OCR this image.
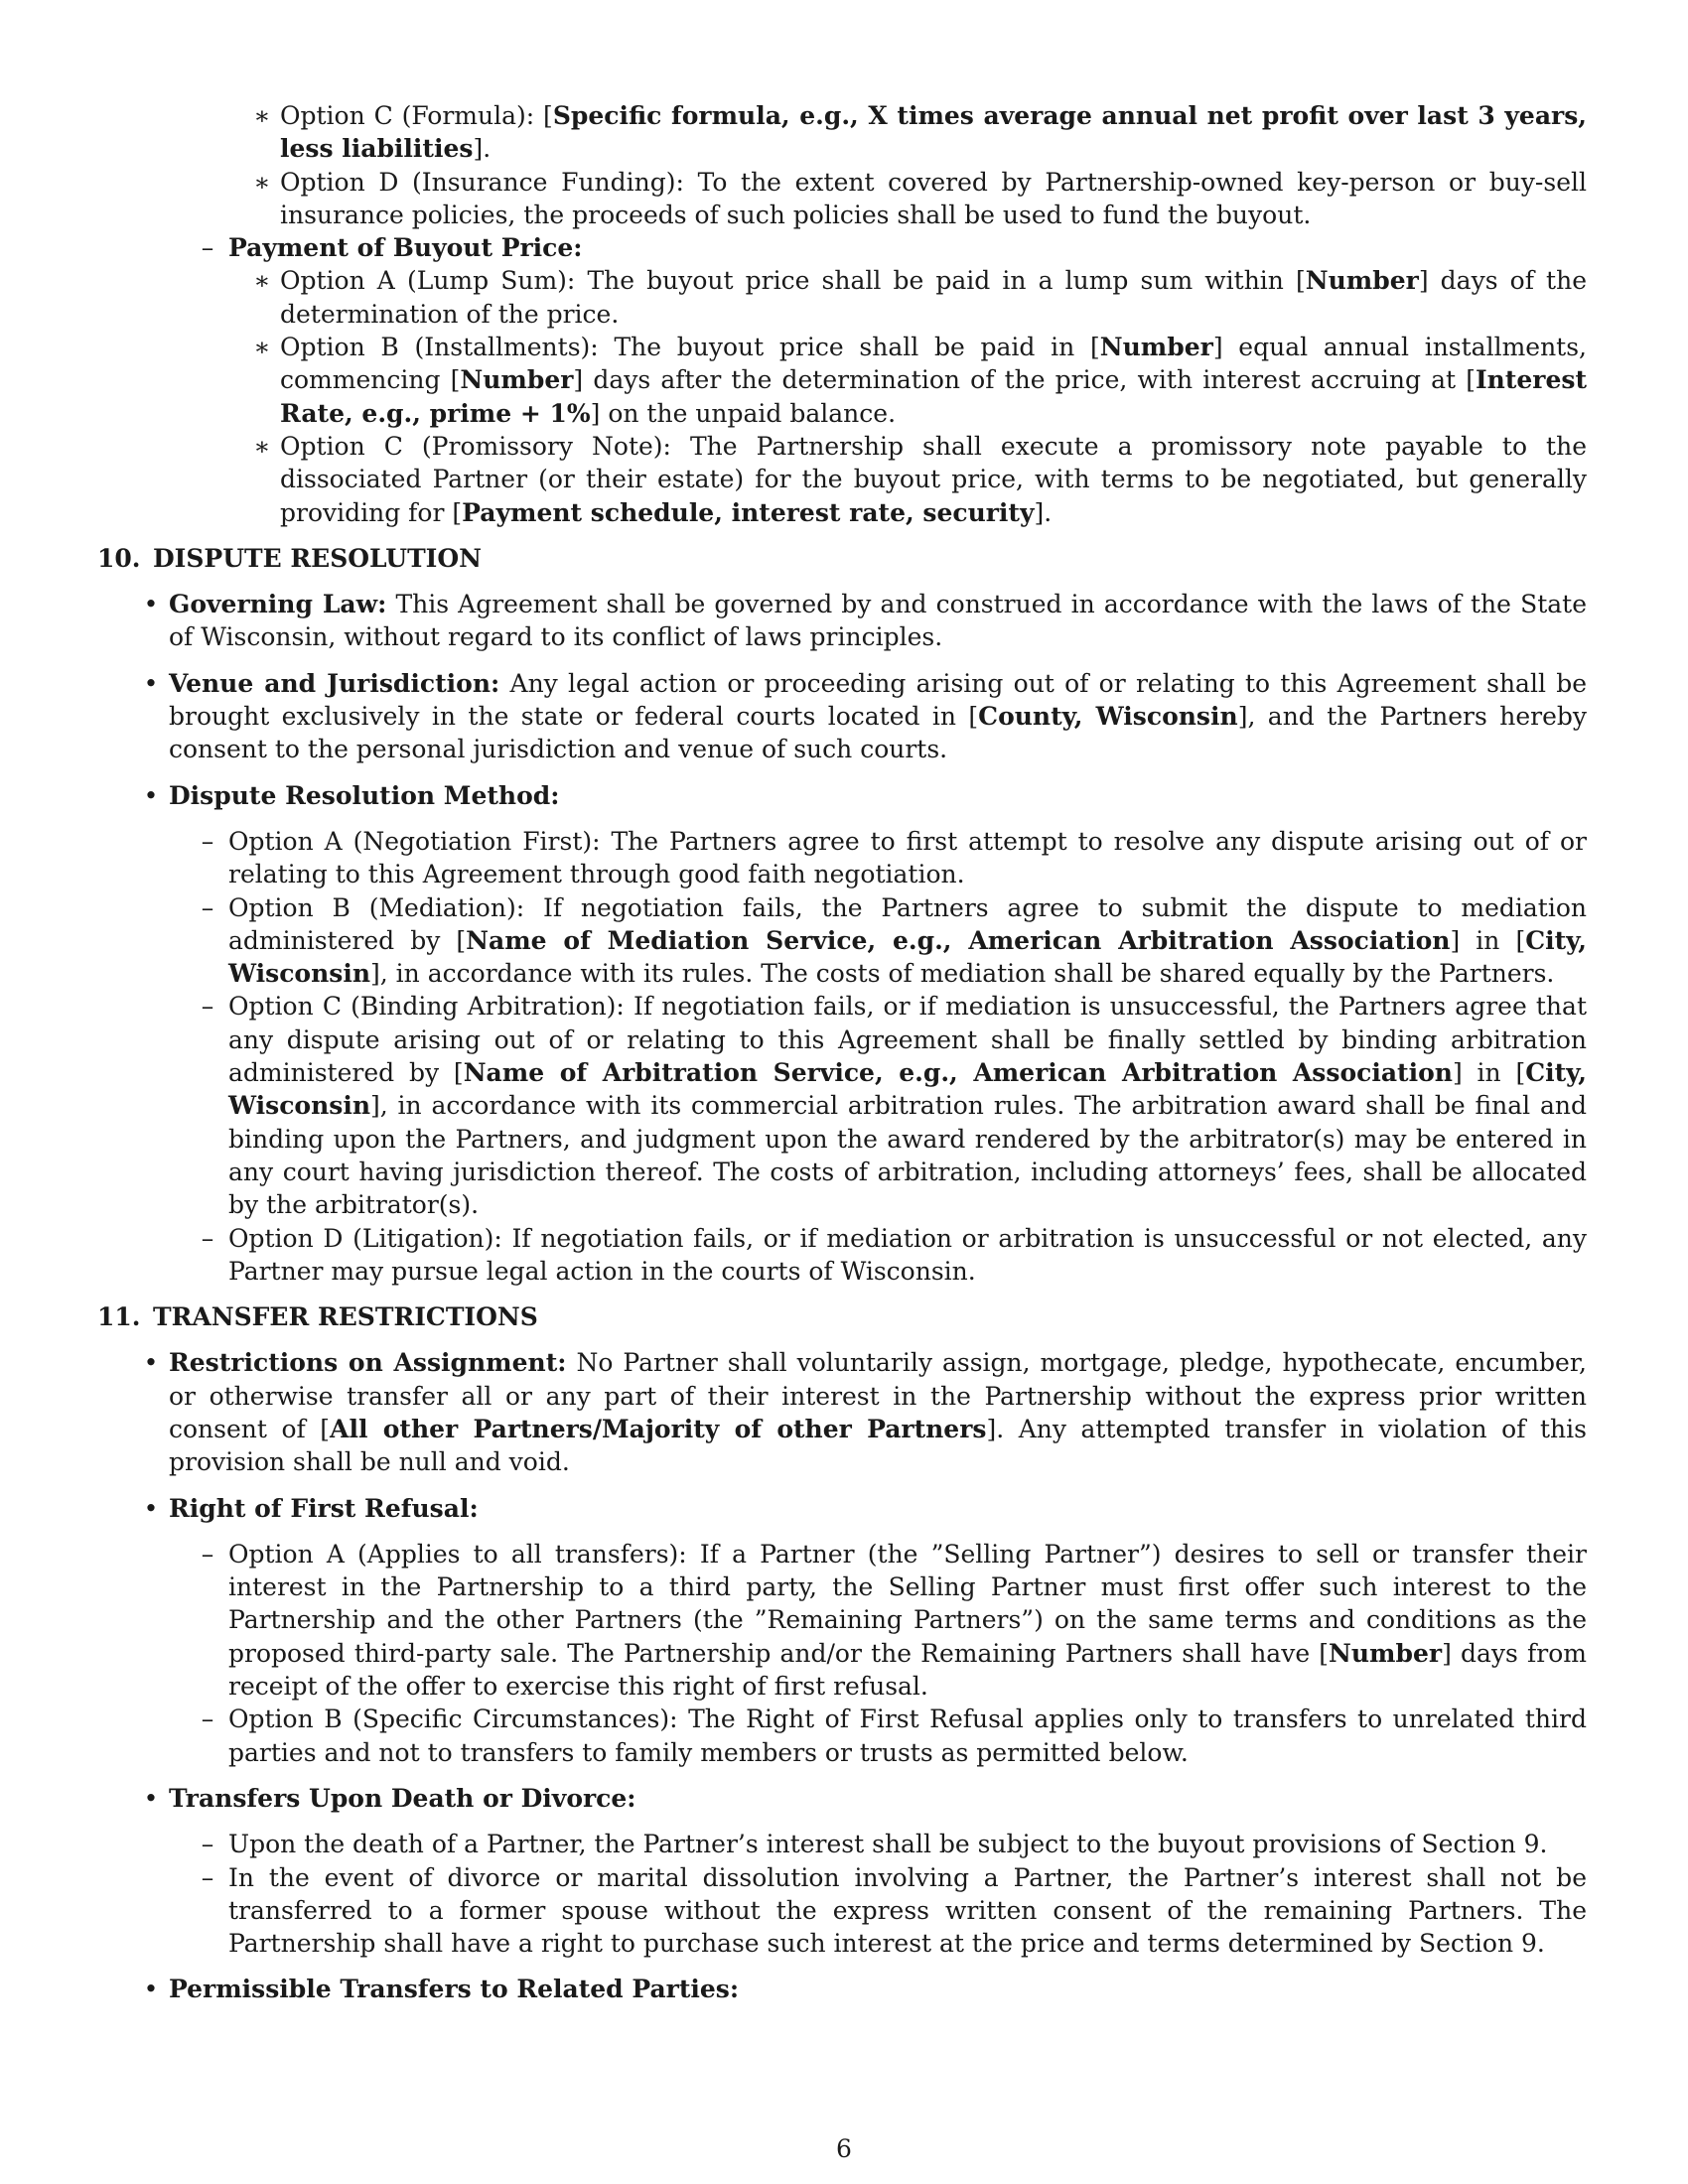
∗ Option C (Formula): [Specific formula, e.g., X times average annual net profit over last 3 years, less liabilities].
∗ Option D (Insurance Funding): To the extent covered by Partnership-owned key-person or buy-sell insurance policies, the proceeds of such policies shall be used to fund the buyout.
– Payment of Buyout Price:
∗ Option A (Lump Sum): The buyout price shall be paid in a lump sum within [Number] days of the determination of the price.
∗ Option B (Installments): The buyout price shall be paid in [Number] equal annual installments, commencing [Number] days after the determination of the price, with interest accruing at [Interest Rate, e.g., prime + 1%] on the unpaid balance.
∗ Option C (Promissory Note): The Partnership shall execute a promissory note payable to the dissociated Partner (or their estate) for the buyout price, with terms to be negotiated, but generally providing for [Payment schedule, interest rate, security].
10. DISPUTE RESOLUTION
• Governing Law: This Agreement shall be governed by and construed in accordance with the laws of the State of Wisconsin, without regard to its conflict of laws principles.
• Venue and Jurisdiction: Any legal action or proceeding arising out of or relating to this Agreement shall be brought exclusively in the state or federal courts located in [County, Wisconsin], and the Partners hereby consent to the personal jurisdiction and venue of such courts.
• Dispute Resolution Method:
– Option A (Negotiation First): The Partners agree to first attempt to resolve any dispute arising out of or relating to this Agreement through good faith negotiation.
– Option B (Mediation): If negotiation fails, the Partners agree to submit the dispute to mediation administered by [Name of Mediation Service, e.g., American Arbitration Association] in [City, Wisconsin], in accordance with its rules. The costs of mediation shall be shared equally by the Partners.
– Option C (Binding Arbitration): If negotiation fails, or if mediation is unsuccessful, the Partners agree that any dispute arising out of or relating to this Agreement shall be finally settled by binding arbitration administered by [Name of Arbitration Service, e.g., American Arbitration Association] in [City, Wisconsin], in accordance with its commercial arbitration rules. The arbitration award shall be final and binding upon the Partners, and judgment upon the award rendered by the arbitrator(s) may be entered in any court having jurisdiction thereof. The costs of arbitration, including attorneys’ fees, shall be allocated by the arbitrator(s).
– Option D (Litigation): If negotiation fails, or if mediation or arbitration is unsuccessful or not elected, any Partner may pursue legal action in the courts of Wisconsin.
11. TRANSFER RESTRICTIONS
• Restrictions on Assignment: No Partner shall voluntarily assign, mortgage, pledge, hypothecate, encumber, or otherwise transfer all or any part of their interest in the Partnership without the express prior written consent of [All other Partners/Majority of other Partners]. Any attempted transfer in violation of this provision shall be null and void.
• Right of First Refusal:
– Option A (Applies to all transfers): If a Partner (the ”Selling Partner”) desires to sell or transfer their interest in the Partnership to a third party, the Selling Partner must first offer such interest to the Partnership and the other Partners (the ”Remaining Partners”) on the same terms and conditions as the proposed third-party sale. The Partnership and/or the Remaining Partners shall have [Number] days from receipt of the offer to exercise this right of first refusal.
– Option B (Specific Circumstances): The Right of First Refusal applies only to transfers to unrelated third parties and not to transfers to family members or trusts as permitted below.
• Transfers Upon Death or Divorce:
– Upon the death of a Partner, the Partner’s interest shall be subject to the buyout provisions of Section 9.
– In the event of divorce or marital dissolution involving a Partner, the Partner’s interest shall not be transferred to a former spouse without the express written consent of the remaining Partners. The Partnership shall have a right to purchase such interest at the price and terms determined by Section 9.
• Permissible Transfers to Related Parties:
6
